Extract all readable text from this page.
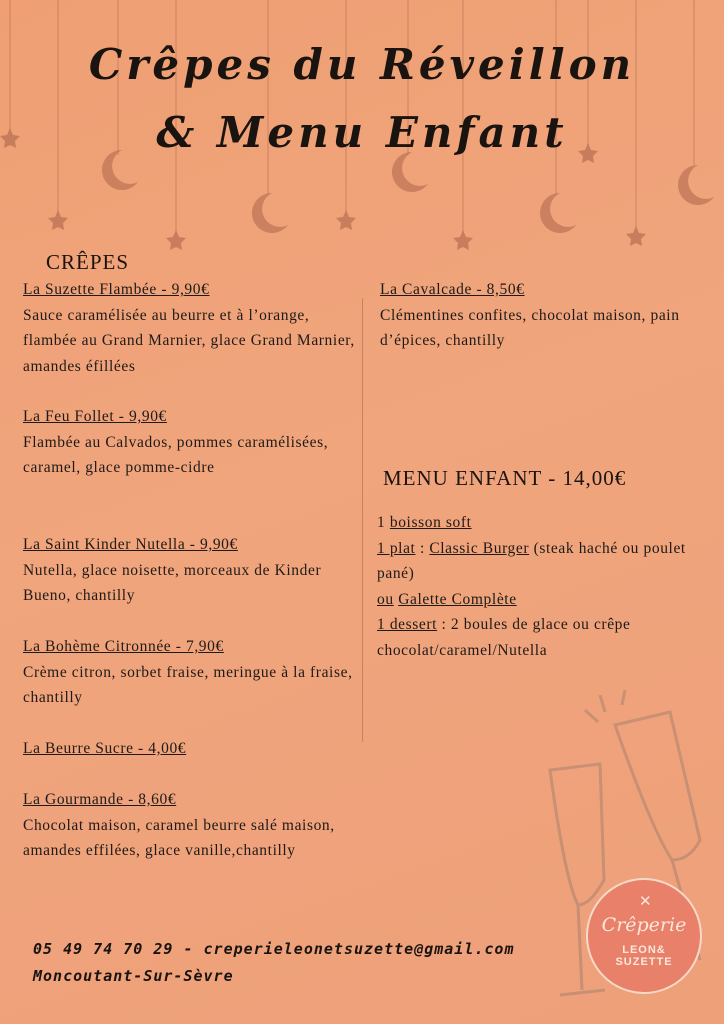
Crêpes du Réveillon
& Menu Enfant
CRÊPES
La Suzette Flambée - 9,90€
Sauce caramélisée au beurre et à l’orange, flambée au Grand Marnier, glace Grand Marnier, amandes éfillées
La Feu Follet - 9,90€
Flambée au Calvados, pommes caramélisées, caramel, glace pomme-cidre
La Saint Kinder Nutella - 9,90€
Nutella, glace noisette, morceaux de Kinder Bueno, chantilly
La Bohème Citronnée - 7,90€
Crème citron, sorbet fraise, meringue à la fraise, chantilly
La Beurre Sucre - 4,00€
La Gourmande - 8,60€
Chocolat maison, caramel beurre salé maison, amandes effilées, glace vanille,chantilly
La Cavalcade - 8,50€
Clémentines confites, chocolat maison, pain d’épices, chantilly
MENU ENFANT - 14,00€
1 boisson soft
1 plat : Classic Burger (steak haché ou poulet pané)
ou Galette Complète
1 dessert : 2 boules de glace ou crêpe chocolat/caramel/Nutella
05 49 74 70 29 - creperieleonetsuzette@gmail.com
Moncoutant-Sur-Sèvre
✕
Crêperie
LEON&
SUZETTE
